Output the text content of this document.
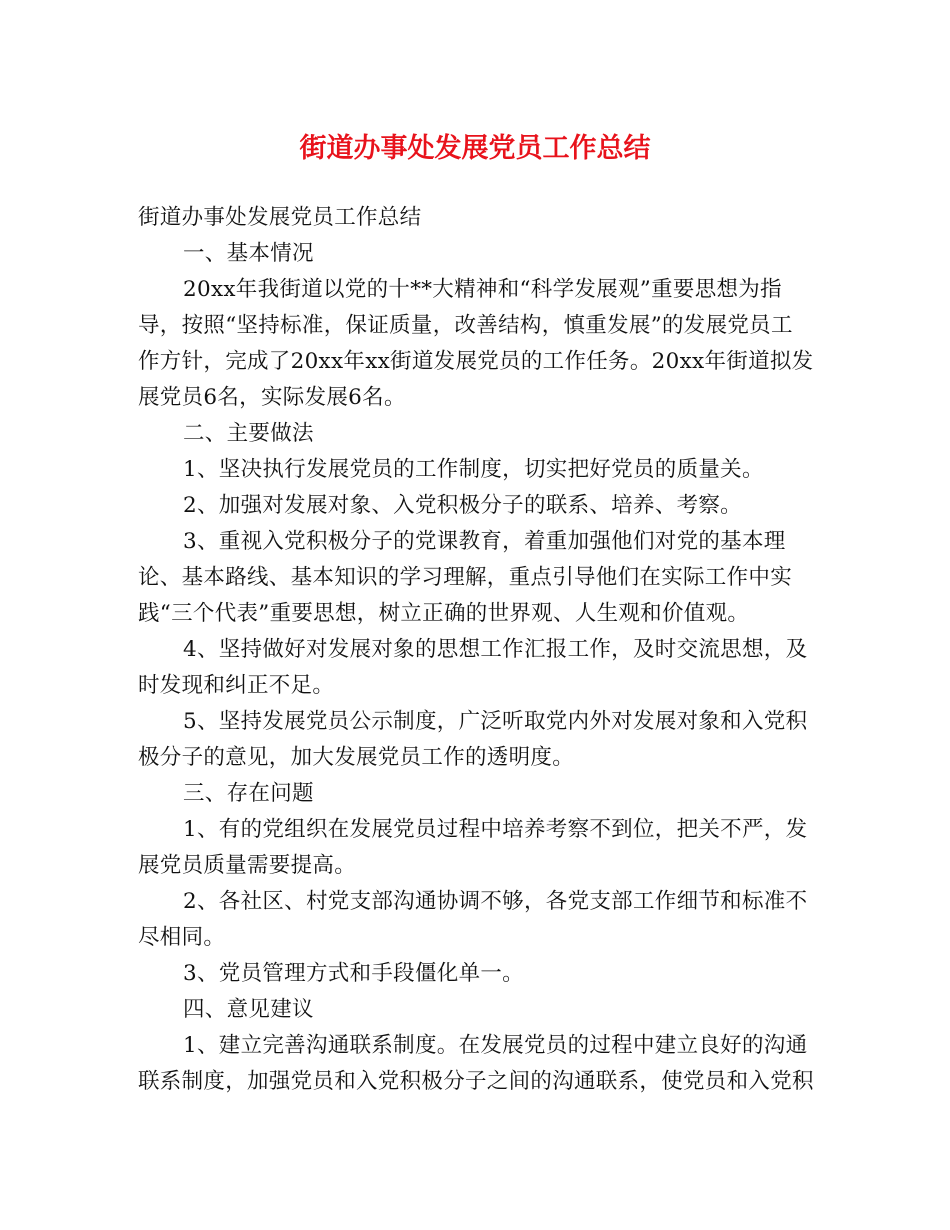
街道办事处发展党员工作总结

街道办事处发展党员工作总结

一、基本情况

20xx年我街道以党的十**大精神和“科学发展观”重要思想为指导，按照“坚持标准，保证质量，改善结构，慎重发展”的发展党员工作方针，完成了20xx年xx街道发展党员的工作任务。20xx年街道拟发展党员6名，实际发展6名。

二、主要做法

1、坚决执行发展党员的工作制度，切实把好党员的质量关。

2、加强对发展对象、入党积极分子的联系、培养、考察。

3、重视入党积极分子的党课教育，着重加强他们对党的基本理论、基本路线、基本知识的学习理解，重点引导他们在实际工作中实践“三个代表”重要思想，树立正确的世界观、人生观和价值观。

4、坚持做好对发展对象的思想工作汇报工作，及时交流思想，及时发现和纠正不足。

5、坚持发展党员公示制度，广泛听取党内外对发展对象和入党积极分子的意见，加大发展党员工作的透明度。

三、存在问题

1、有的党组织在发展党员过程中培养考察不到位，把关不严，发展党员质量需要提高。

2、各社区、村党支部沟通协调不够，各党支部工作细节和标准不尽相同。

3、党员管理方式和手段僵化单一。

四、意见建议

1、建立完善沟通联系制度。在发展党员的过程中建立良好的沟通联系制度，加强党员和入党积极分子之间的沟通联系，使党员和入党积
